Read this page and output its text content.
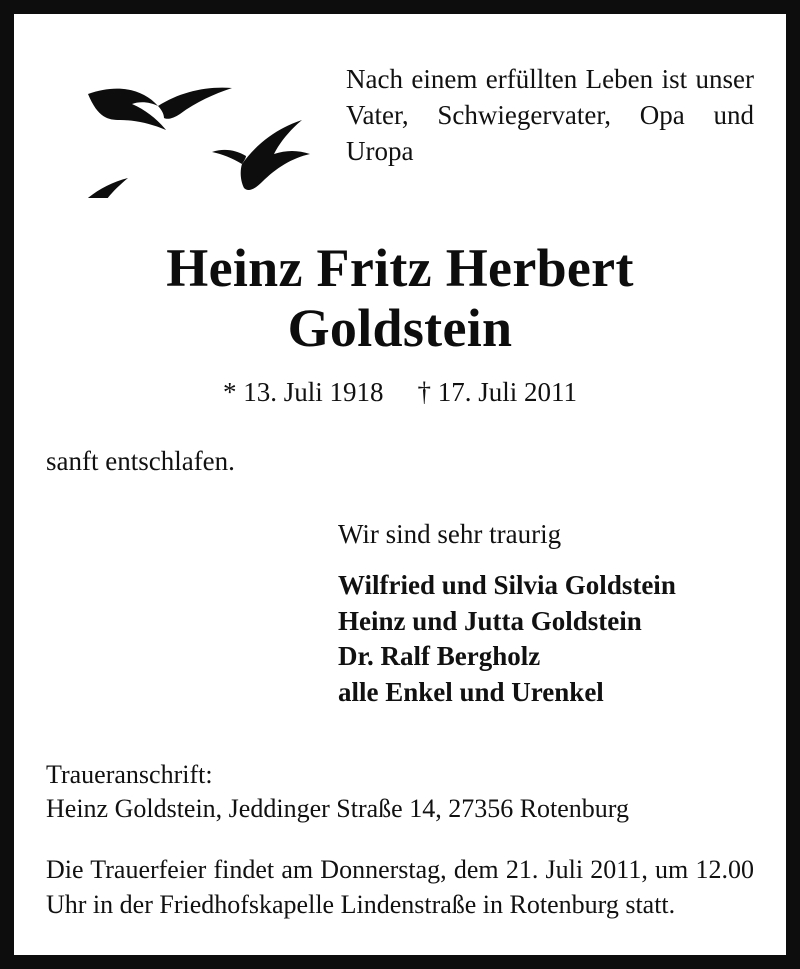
Nach einem erfüllten Leben ist unser Vater, Schwiegervater, Opa und Uropa

Heinz Fritz Herbert
Goldstein
* 13. Juli 1918 † 17. Juli 2011
sanft entschlafen.
Wir sind sehr traurig
Wilfried und Silvia Goldstein
Heinz und Jutta Goldstein
Dr. Ralf Bergholz
alle Enkel und Urenkel
Traueranschrift:
Heinz Goldstein, Jeddinger Straße 14, 27356 Rotenburg

Die Trauerfeier findet am Donnerstag, dem 21. Juli 2011, um 12.00 Uhr in der Friedhofskapelle Lindenstraße in Rotenburg statt.
